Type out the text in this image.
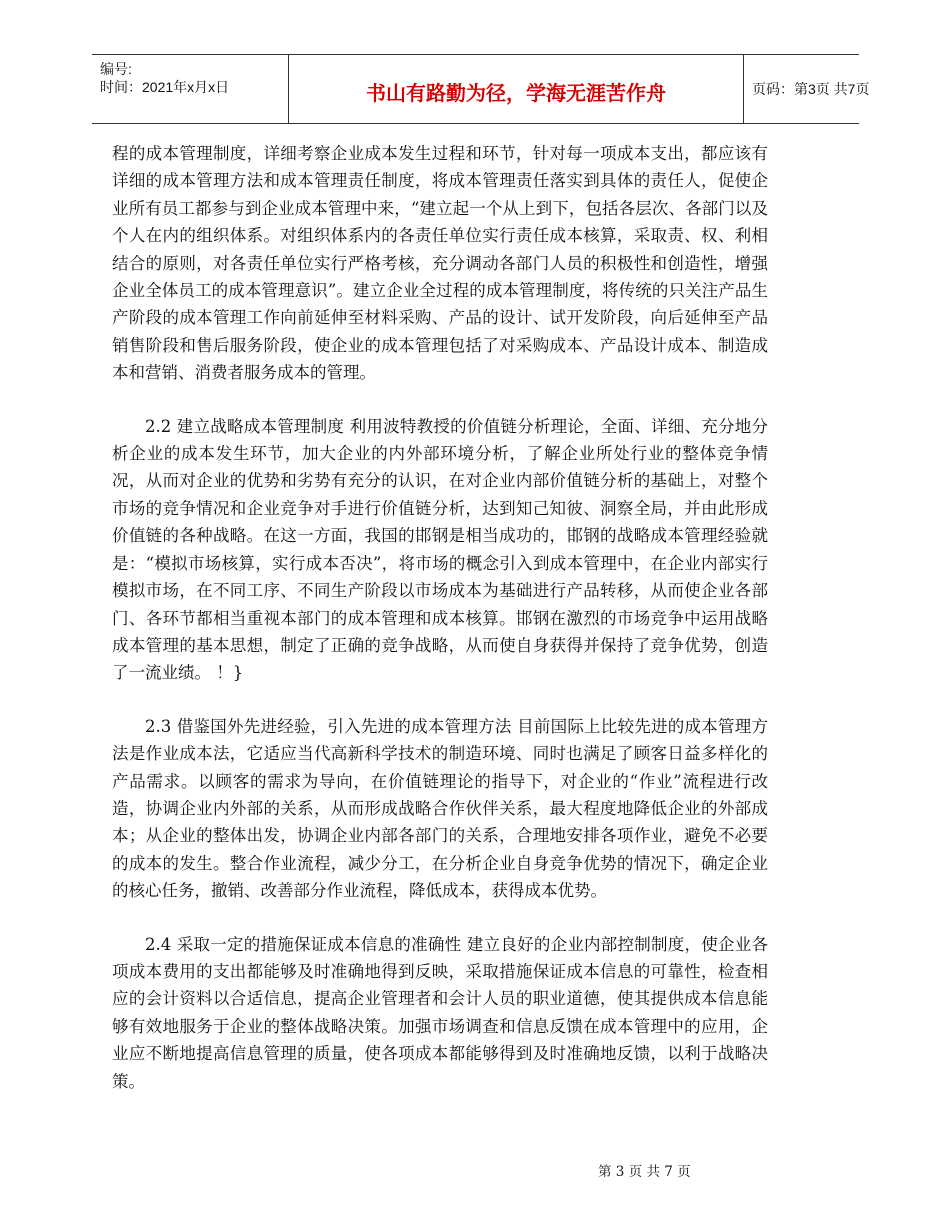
编号:
时间：2021年x月x日	书山有路勤为径，学海无涯苦作舟	页码：第3页 共7页

程的成本管理制度，详细考察企业成本发生过程和环节，针对每一项成本支出，都应该有详细的成本管理方法和成本管理责任制度，将成本管理责任落实到具体的责任人，促使企业所有员工都参与到企业成本管理中来，“建立起一个从上到下，包括各层次、各部门以及个人在内的组织体系。对组织体系内的各责任单位实行责任成本核算，采取责、权、利相结合的原则，对各责任单位实行严格考核，充分调动各部门人员的积极性和创造性，增强企业全体员工的成本管理意识”。建立企业全过程的成本管理制度，将传统的只关注产品生产阶段的成本管理工作向前延伸至材料采购、产品的设计、试开发阶段，向后延伸至产品销售阶段和售后服务阶段，使企业的成本管理包括了对采购成本、产品设计成本、制造成本和营销、消费者服务成本的管理。

2.2 建立战略成本管理制度 利用波特教授的价值链分析理论，全面、详细、充分地分析企业的成本发生环节，加大企业的内外部环境分析，了解企业所处行业的整体竞争情况，从而对企业的优势和劣势有充分的认识，在对企业内部价值链分析的基础上，对整个市场的竞争情况和企业竞争对手进行价值链分析，达到知己知彼、洞察全局，并由此形成价值链的各种战略。在这一方面，我国的邯钢是相当成功的，邯钢的战略成本管理经验就是：“模拟市场核算，实行成本否决”，将市场的概念引入到成本管理中，在企业内部实行模拟市场，在不同工序、不同生产阶段以市场成本为基础进行产品转移，从而使企业各部门、各环节都相当重视本部门的成本管理和成本核算。邯钢在激烈的市场竞争中运用战略成本管理的基本思想，制定了正确的竞争战略，从而使自身获得并保持了竞争优势，创造了一流业绩。 ！}

2.3 借鉴国外先进经验，引入先进的成本管理方法 目前国际上比较先进的成本管理方法是作业成本法，它适应当代高新科学技术的制造环境、同时也满足了顾客日益多样化的产品需求。以顾客的需求为导向，在价值链理论的指导下，对企业的“作业”流程进行改造，协调企业内外部的关系，从而形成战略合作伙伴关系，最大程度地降低企业的外部成本；从企业的整体出发，协调企业内部各部门的关系，合理地安排各项作业，避免不必要的成本的发生。整合作业流程，减少分工，在分析企业自身竞争优势的情况下，确定企业的核心任务，撤销、改善部分作业流程，降低成本，获得成本优势。

2.4 采取一定的措施保证成本信息的准确性 建立良好的企业内部控制制度，使企业各项成本费用的支出都能够及时准确地得到反映，采取措施保证成本信息的可靠性，检查相应的会计资料以合适信息，提高企业管理者和会计人员的职业道德，使其提供成本信息能够有效地服务于企业的整体战略决策。加强市场调查和信息反馈在成本管理中的应用，企业应不断地提高信息管理的质量，使各项成本都能够得到及时准确地反馈，以利于战略决策。

第 3 页 共 7 页
